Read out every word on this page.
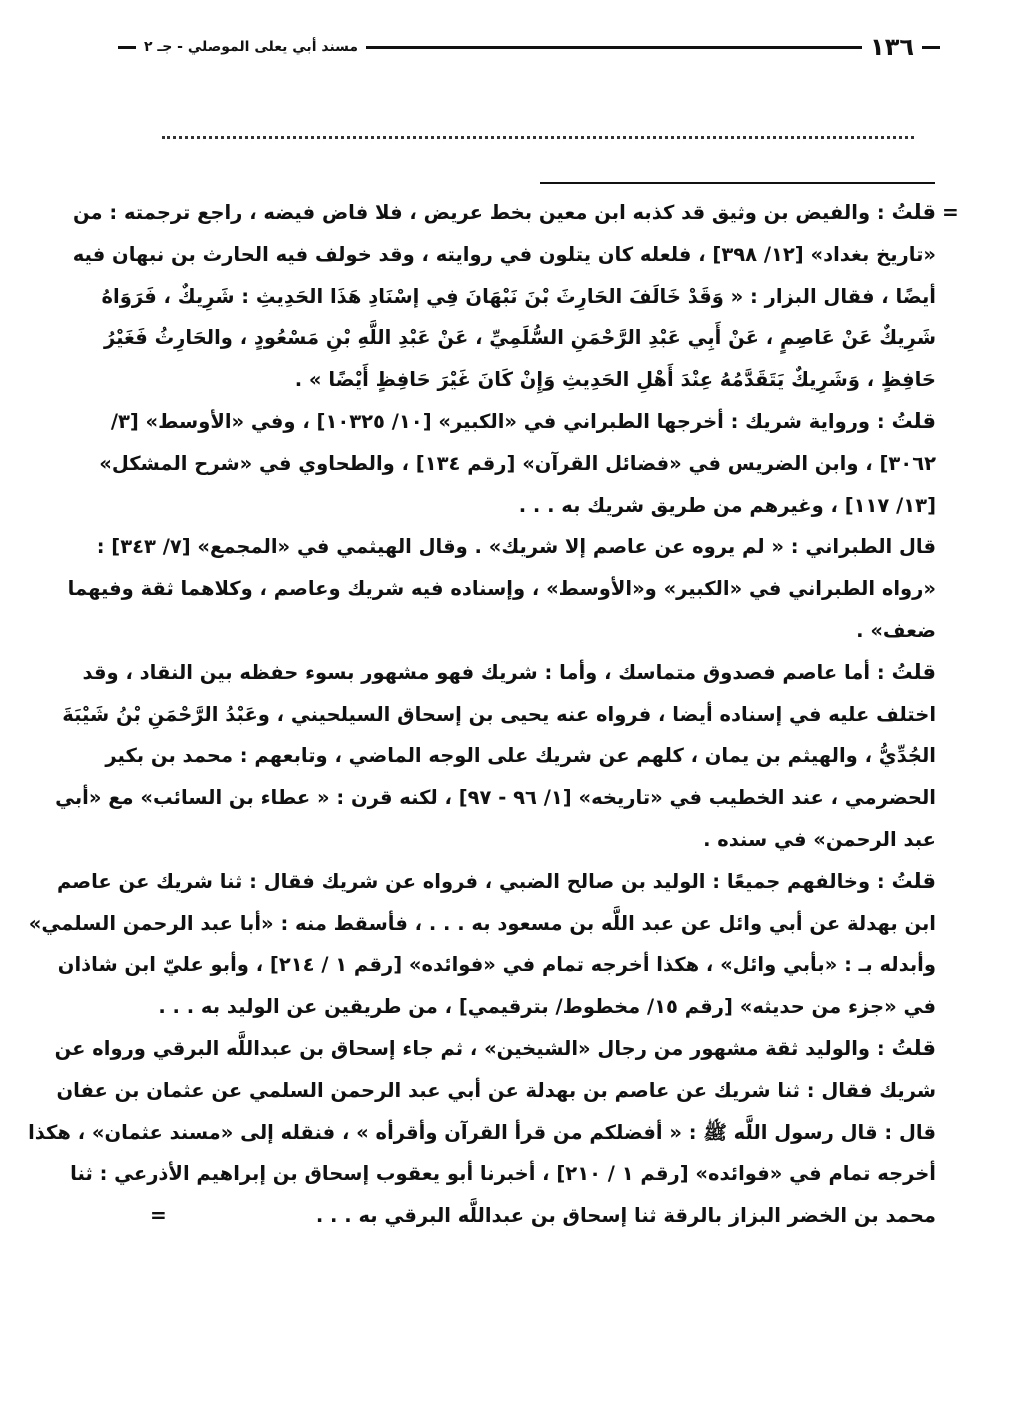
١٣٦
مسند أبي يعلى الموصلي - جـ ٢
=
=
قلتُ : والفيض بن وثيق قد كذبه ابن معين بخط عريض ، فلا فاض فيضه ، راجع ترجمته : من
«تاريخ بغداد» [١٢/ ٣٩٨] ، فلعله كان يتلون في روايته ، وقد خولف فيه الحارث بن نبهان فيه
أيضًا ، فقال البزار : « وَقَدْ خَالَفَ الحَارِثَ بْنَ نَبْهَانَ فِي إسْنَادِ هَذَا الحَدِيثِ : شَرِيكٌ ، فَرَوَاهُ
شَرِيكٌ عَنْ عَاصِمٍ ، عَنْ أَبِي عَبْدِ الرَّحْمَنِ السُّلَمِيِّ ، عَنْ عَبْدِ اللَّهِ بْنِ مَسْعُودٍ ، والحَارِثُ فَغَيْرُ
حَافِظٍ ، وَشَرِيكٌ يَتَقَدَّمُهُ عِنْدَ أَهْلِ الحَدِيثِ وَإِنْ كَانَ غَيْرَ حَافِظٍ أَيْضًا » .
قلتُ : ورواية شريك : أخرجها الطبراني في «الكبير» [١٠/ ١٠٣٢٥] ، وفي «الأوسط» [٣/
٣٠٦٢] ، وابن الضريس في «فضائل القرآن» [رقم ١٣٤] ، والطحاوي في «شرح المشكل»
[١٣/ ١١٧] ، وغيرهم من طريق شريك به . . .
قال الطبراني : « لم يروه عن عاصم إلا شريك» . وقال الهيثمي في «المجمع» [٧/ ٣٤٣] :
«رواه الطبراني في «الكبير» و«الأوسط» ، وإسناده فيه شريك وعاصم ، وكلاهما ثقة وفيهما
ضعف» .
قلتُ : أما عاصم فصدوق متماسك ، وأما : شريك فهو مشهور بسوء حفظه بين النقاد ، وقد
اختلف عليه في إسناده أيضا ، فرواه عنه يحيى بن إسحاق السيلحيني ، وعَبْدُ الرَّحْمَنِ بْنُ شَيْبَةَ
الجُدِّيُّ ، والهيثم بن يمان ، كلهم عن شريك على الوجه الماضي ، وتابعهم : محمد بن بكير
الحضرمي ، عند الخطيب في «تاريخه» [١/ ٩٦ - ٩٧] ، لكنه قرن : « عطاء بن السائب» مع «أبي
عبد الرحمن» في سنده .
قلتُ : وخالفهم جميعًا : الوليد بن صالح الضبي ، فرواه عن شريك فقال : ثنا شريك عن عاصم
ابن بهدلة عن أبي وائل عن عبد اللَّه بن مسعود به . . . ، فأسقط منه : «أبا عبد الرحمن السلمي»
وأبدله بـ : «بأبي وائل» ، هكذا أخرجه تمام في «فوائده» [رقم ١ / ٢١٤] ، وأبو عليّ ابن شاذان
في «جزء من حديثه» [رقم ١٥/ مخطوط/ بترقيمي] ، من طريقين عن الوليد به . . .
قلتُ : والوليد ثقة مشهور من رجال «الشيخين» ، ثم جاء إسحاق بن عبداللَّه البرقي ورواه عن
شريك فقال : ثنا شريك عن عاصم بن بهدلة عن أبي عبد الرحمن السلمي عن عثمان بن عفان
قال : قال رسول اللَّه ﷺ : « أفضلكم من قرأ القرآن وأقرأه » ، فنقله إلى «مسند عثمان» ، هكذا
أخرجه تمام في «فوائده» [رقم ١ / ٢١٠] ، أخبرنا أبو يعقوب إسحاق بن إبراهيم الأذرعي : ثنا
محمد بن الخضر البزاز بالرقة ثنا إسحاق بن عبداللَّه البرقي به . . .
